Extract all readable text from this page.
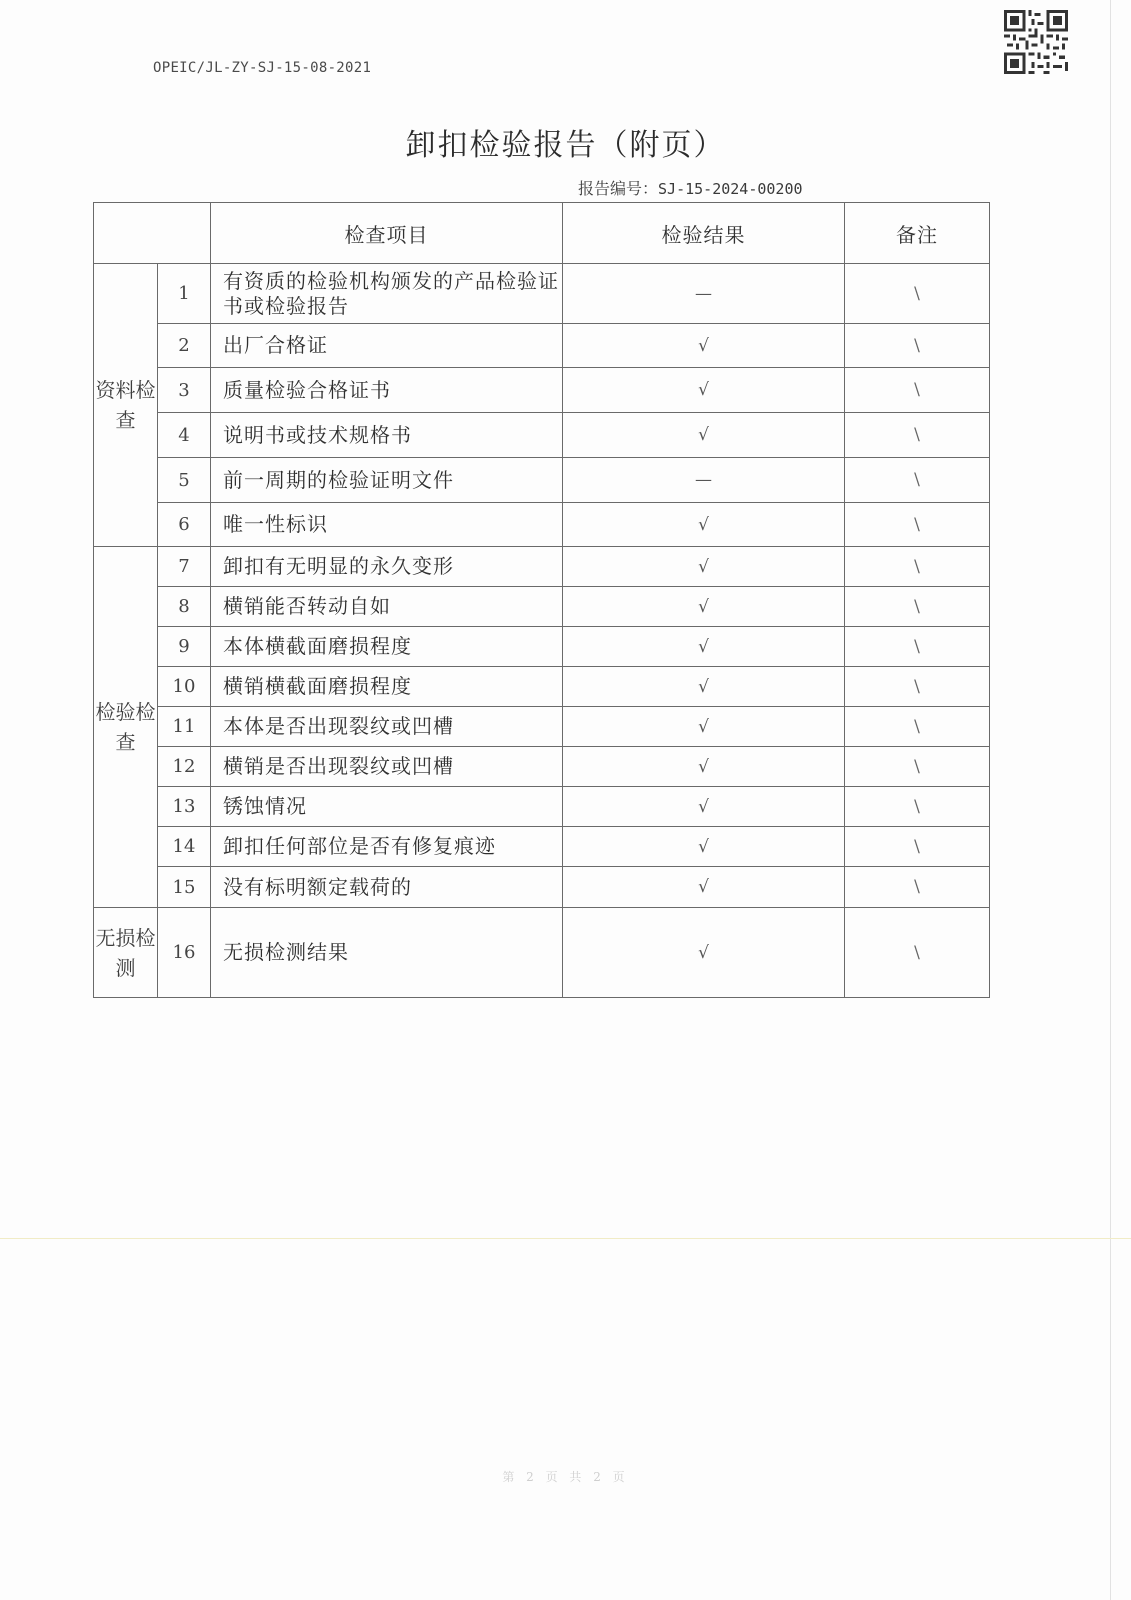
OPEIC/JL-ZY-SJ-15-08-2021
卸扣检验报告（附页）
报告编号：SJ-15-2024-00200
		检查项目	检验结果	备注
资料检查	1	有资质的检验机构颁发的产品检验证书或检验报告	—	\
	2	出厂合格证	√	\
	3	质量检验合格证书	√	\
	4	说明书或技术规格书	√	\
	5	前一周期的检验证明文件	—	\
	6	唯一性标识	√	\
检验检查	7	卸扣有无明显的永久变形	√	\
	8	横销能否转动自如	√	\
	9	本体横截面磨损程度	√	\
	10	横销横截面磨损程度	√	\
	11	本体是否出现裂纹或凹槽	√	\
	12	横销是否出现裂纹或凹槽	√	\
	13	锈蚀情况	√	\
	14	卸扣任何部位是否有修复痕迹	√	\
	15	没有标明额定载荷的	√	\
无损检测	16	无损检测结果	√	\
第 2 页 共 2 页
